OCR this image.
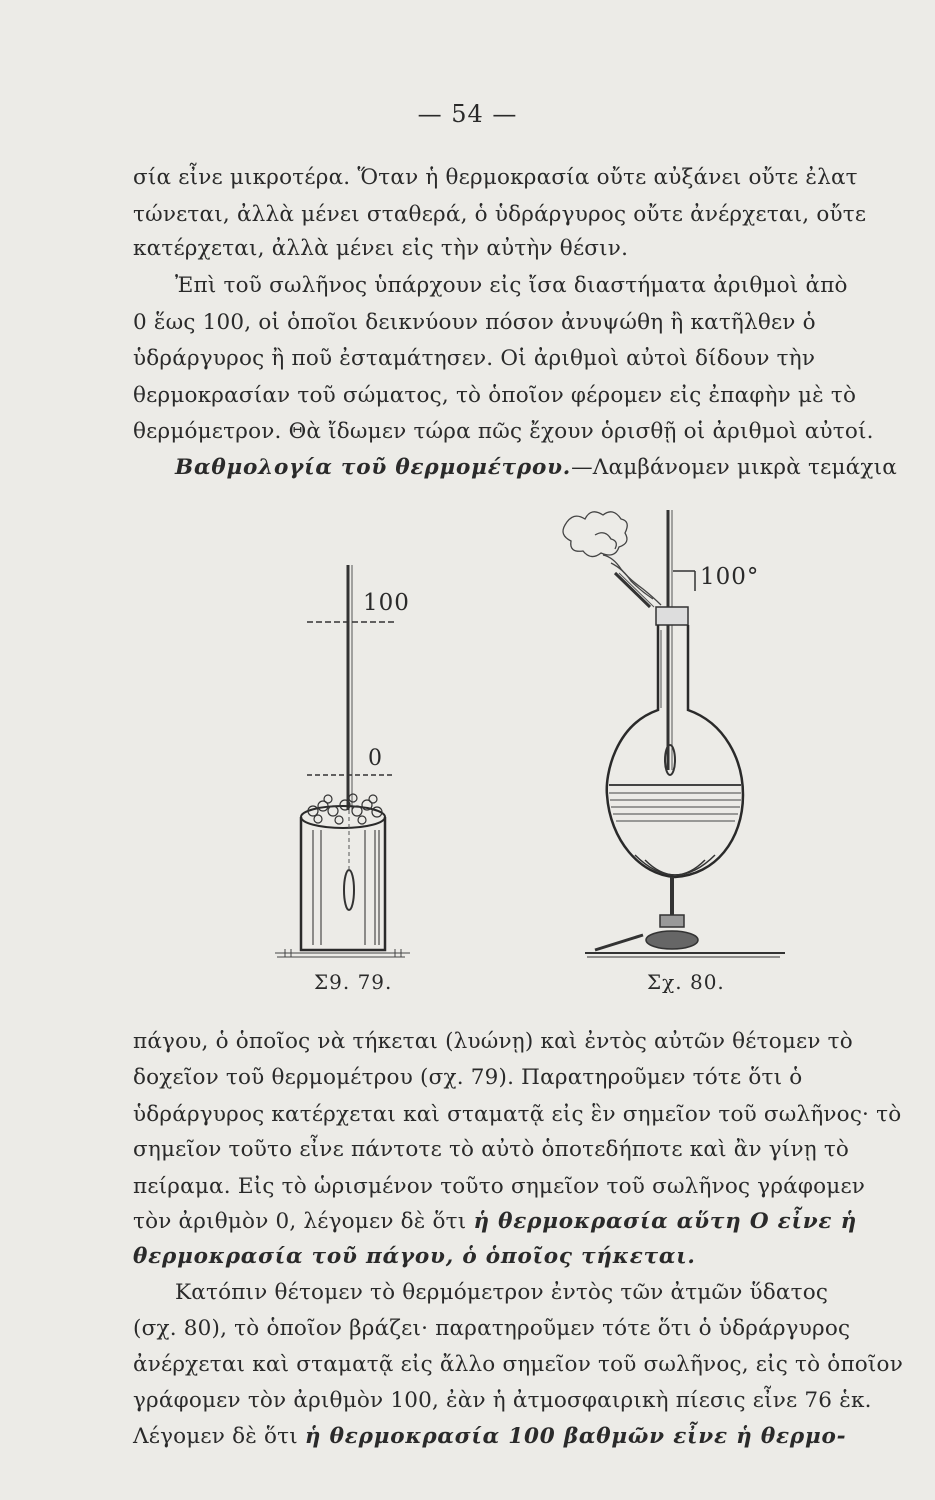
— 54 —
σία εἶνε μικροτέρα. Ὅταν ἡ θερμοκρασία οὔτε αὐξάνει οὔτε ἐλατ
τώνεται, ἀλλὰ μένει σταθερά, ὁ ὑδράργυρος οὔτε ἀνέρχεται, οὔτε
κατέρχεται, ἀλλὰ μένει εἰς τὴν αὐτὴν θέσιν.
Ἐπὶ τοῦ σωλῆνος ὑπάρχουν εἰς ἴσα διαστήματα ἀριθμοὶ ἀπὸ
0 ἕως 100, οἱ ὁποῖοι δεικνύουν πόσον ἀνυψώθη ἢ κατῆλθεν ὁ
ὑδράργυρος ἢ ποῦ ἐσταμάτησεν. Οἱ ἀριθμοὶ αὐτοὶ δίδουν τὴν
θερμοκρασίαν τοῦ σώματος, τὸ ὁποῖον φέρομεν εἰς ἐπαφὴν μὲ τὸ
θερμόμετρον. Θὰ ἴδωμεν τώρα πῶς ἔχουν ὁρισθῇ οἱ ἀριθμοὶ αὐτοί.
Βαθμολογία τοῦ θερμομέτρου.—Λαμβάνομεν μικρὰ τεμάχια
100
0
Σ9. 79.
100°
Σχ. 80.
πάγου, ὁ ὁποῖος νὰ τήκεται (λυώνῃ) καὶ ἐντὸς αὐτῶν θέτομεν τὸ
δοχεῖον τοῦ θερμομέτρου (σχ. 79). Παρατηροῦμεν τότε ὅτι ὁ
ὑδράργυρος κατέρχεται καὶ σταματᾷ εἰς ἓν σημεῖον τοῦ σωλῆνος· τὸ
σημεῖον τοῦτο εἶνε πάντοτε τὸ αὐτὸ ὁποτεδήποτε καὶ ἂν γίνῃ τὸ
πείραμα. Εἰς τὸ ὡρισμένον τοῦτο σημεῖον τοῦ σωλῆνος γράφομεν
τὸν ἀριθμὸν 0, λέγομεν δὲ ὅτι ἡ θερμοκρασία αὕτη Ο εἶνε ἡ
θερμοκρασία τοῦ πάγου, ὁ ὁποῖος τήκεται.
Κατόπιν θέτομεν τὸ θερμόμετρον ἐντὸς τῶν ἀτμῶν ὕδατος
(σχ. 80), τὸ ὁποῖον βράζει· παρατηροῦμεν τότε ὅτι ὁ ὑδράργυρος
ἀνέρχεται καὶ σταματᾷ εἰς ἄλλο σημεῖον τοῦ σωλῆνος, εἰς τὸ ὁποῖον
γράφομεν τὸν ἀριθμὸν 100, ἐὰν ἡ ἀτμοσφαιρικὴ πίεσις εἶνε 76 ἑκ.
Λέγομεν δὲ ὅτι ἡ θερμοκρασία 100 βαθμῶν εἶνε ἡ θερμο-
